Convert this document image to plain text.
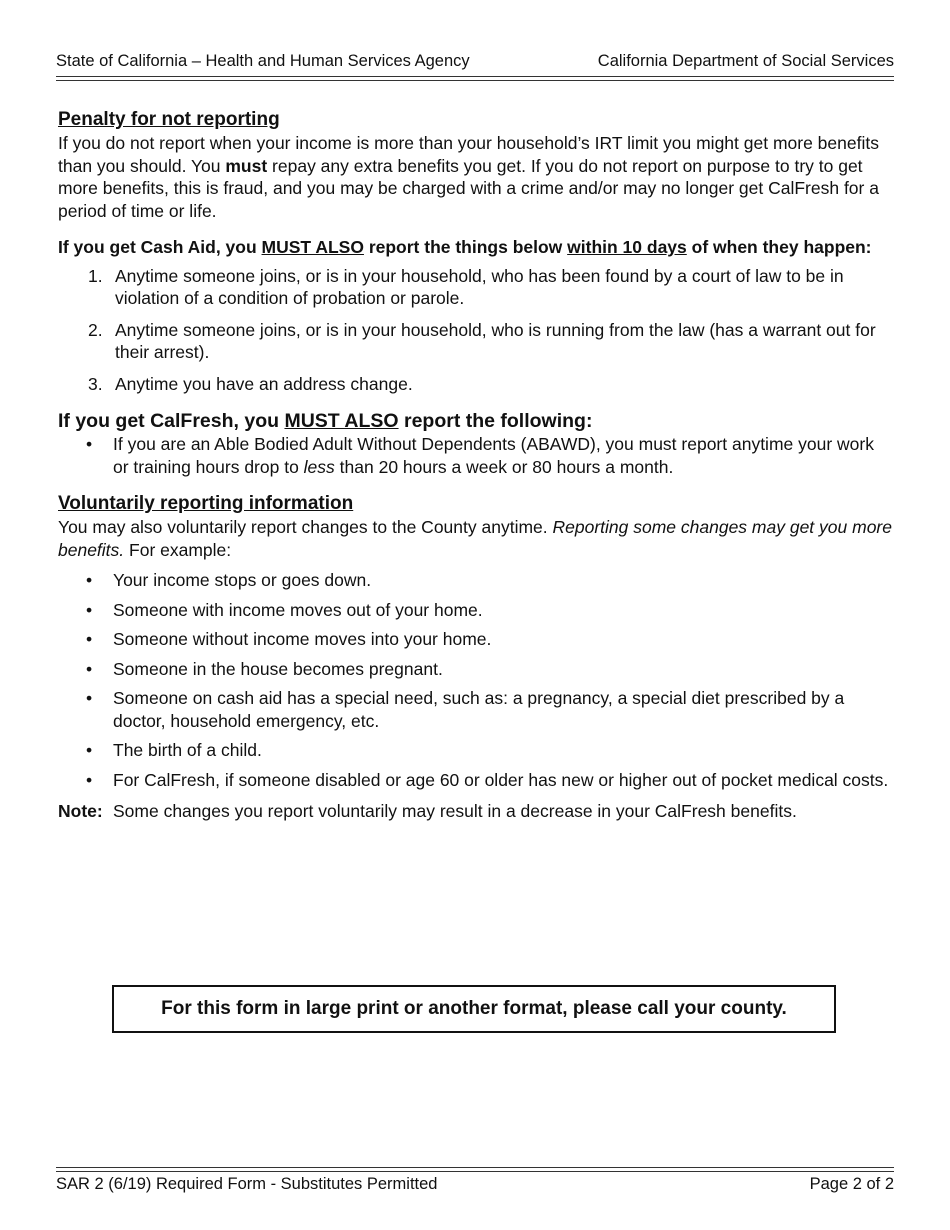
State of California – Health and Human Services Agency	California Department of Social Services
Penalty for not reporting

If you do not report when your income is more than your household’s IRT limit you might get more benefits than you should. You must repay any extra benefits you get. If you do not report on purpose to try to get more benefits, this is fraud, and you may be charged with a crime and/or may no longer get CalFresh for a period of time or life.

If you get Cash Aid, you MUST ALSO report the things below within 10 days of when they happen:

1. Anytime someone joins, or is in your household, who has been found by a court of law to be in violation of a condition of probation or parole.
2. Anytime someone joins, or is in your household, who is running from the law (has a warrant out for their arrest).
3. Anytime you have an address change.
If you get CalFresh, you MUST ALSO report the following:
• If you are an Able Bodied Adult Without Dependents (ABAWD), you must report anytime your work or training hours drop to less than 20 hours a week or 80 hours a month.
Voluntarily reporting information

You may also voluntarily report changes to the County anytime. Reporting some changes may get you more benefits. For example:

• Your income stops or goes down.
• Someone with income moves out of your home.
• Someone without income moves into your home.
• Someone in the house becomes pregnant.
• Someone on cash aid has a special need, such as: a pregnancy, a special diet prescribed by a doctor, household emergency, etc.
• The birth of a child.
• For CalFresh, if someone disabled or age 60 or older has new or higher out of pocket medical costs.
Note: Some changes you report voluntarily may result in a decrease in your CalFresh benefits.
For this form in large print or another format, please call your county.
SAR 2 (6/19) Required Form - Substitutes Permitted	Page 2 of 2
